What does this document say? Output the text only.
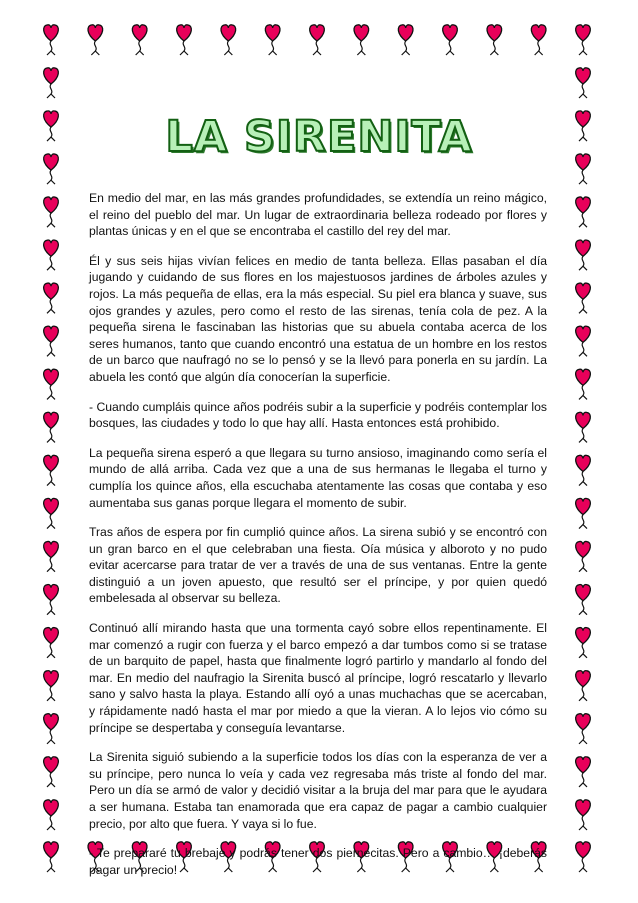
LA SIRENITA

En medio del mar, en las más grandes profundidades, se extendía un reino mágico, el reino del pueblo del mar. Un lugar de extraordinaria belleza rodeado por flores y plantas únicas y en el que se encontraba el castillo del rey del mar.

Él y sus seis hijas vivían felices en medio de tanta belleza. Ellas pasaban el día jugando y cuidando de sus flores en los majestuosos jardines de árboles azules y rojos. La más pequeña de ellas, era la más especial. Su piel era blanca y suave, sus ojos grandes y azules, pero como el resto de las sirenas, tenía cola de pez. A la pequeña sirena le fascinaban las historias que su abuela contaba acerca de los seres humanos, tanto que cuando encontró una estatua de un hombre en los restos de un barco que naufragó no se lo pensó y se la llevó para ponerla en su jardín. La abuela les contó que algún día conocerían la superficie.

- Cuando cumpláis quince años podréis subir a la superficie y podréis contemplar los bosques, las ciudades y todo lo que hay allí. Hasta entonces está prohibido.

La pequeña sirena esperó a que llegara su turno ansioso, imaginando como sería el mundo de allá arriba. Cada vez que a una de sus hermanas le llegaba el turno y cumplía los quince años, ella escuchaba atentamente las cosas que contaba y eso aumentaba sus ganas porque llegara el momento de subir.

Tras años de espera por fin cumplió quince años. La sirena subió y se encontró con un gran barco en el que celebraban una fiesta. Oía música y alboroto y no pudo evitar acercarse para tratar de ver a través de una de sus ventanas. Entre la gente distinguió a un joven apuesto, que resultó ser el príncipe, y por quien quedó embelesada al observar su belleza.

Continuó allí mirando hasta que una tormenta cayó sobre ellos repentinamente. El mar comenzó a rugir con fuerza y el barco empezó a dar tumbos como si se tratase de un barquito de papel, hasta que finalmente logró partirlo y mandarlo al fondo del mar. En medio del naufragio la Sirenita buscó al príncipe, logró rescatarlo y llevarlo sano y salvo hasta la playa. Estando allí oyó a unas muchachas que se acercaban, y rápidamente nadó hasta el mar por miedo a que la vieran. A lo lejos vio cómo su príncipe se despertaba y conseguía levantarse.

La Sirenita siguió subiendo a la superficie todos los días con la esperanza de ver a su príncipe, pero nunca lo veía y cada vez regresaba más triste al fondo del mar. Pero un día se armó de valor y decidió visitar a la bruja del mar para que le ayudara a ser humana. Estaba tan enamorada que era capaz de pagar a cambio cualquier precio, por alto que fuera. Y vaya si lo fue.

- Te prepararé tu brebaje y podrás tener dos piernecitas. Pero a cambio… ¡deberás pagar un precio!
